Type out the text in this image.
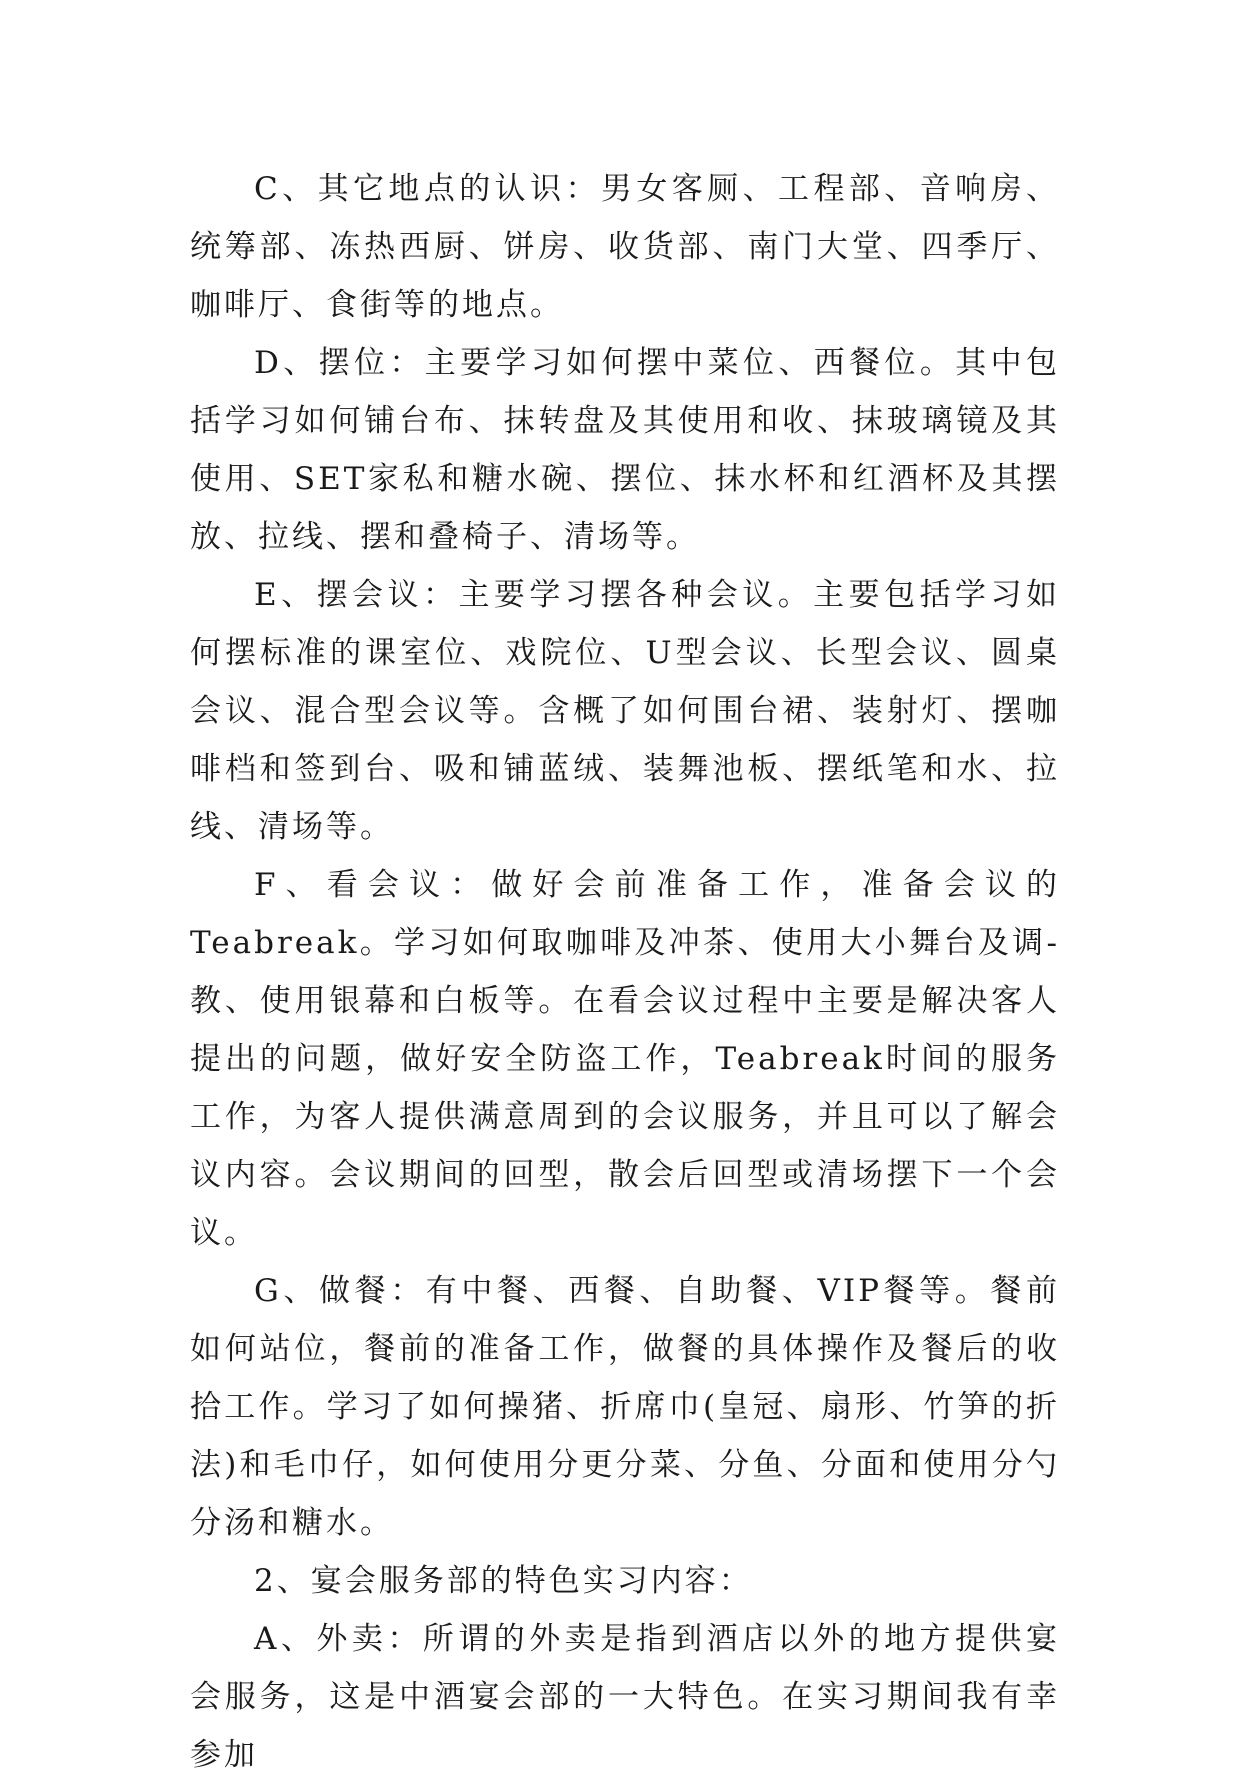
C、其它地点的认识：男女客厕、工程部、音响房、统筹部、冻热西厨、饼房、收货部、南门大堂、四季厅、咖啡厅、食街等的地点。

D、摆位：主要学习如何摆中菜位、西餐位。其中包括学习如何铺台布、抹转盘及其使用和收、抹玻璃镜及其使用、SET家私和糖水碗、摆位、抹水杯和红酒杯及其摆放、拉线、摆和叠椅子、清场等。

E、摆会议：主要学习摆各种会议。主要包括学习如何摆标准的课室位、戏院位、U型会议、长型会议、圆桌会议、混合型会议等。含概了如何围台裙、装射灯、摆咖啡档和签到台、吸和铺蓝绒、装舞池板、摆纸笔和水、拉线、清场等。

F、看会议：做好会前准备工作，准备会议的Teabreak。学习如何取咖啡及冲茶、使用大小舞台及调-教、使用银幕和白板等。在看会议过程中主要是解决客人提出的问题，做好安全防盗工作，Teabreak时间的服务工作，为客人提供满意周到的会议服务，并且可以了解会议内容。会议期间的回型，散会后回型或清场摆下一个会议。

G、做餐：有中餐、西餐、自助餐、VIP餐等。餐前如何站位，餐前的准备工作，做餐的具体操作及餐后的收拾工作。学习了如何操猪、折席巾(皇冠、扇形、竹笋的折法)和毛巾仔，如何使用分更分菜、分鱼、分面和使用分勺分汤和糖水。

2、宴会服务部的特色实习内容：

A、外卖：所谓的外卖是指到酒店以外的地方提供宴会服务，这是中酒宴会部的一大特色。在实习期间我有幸参加
